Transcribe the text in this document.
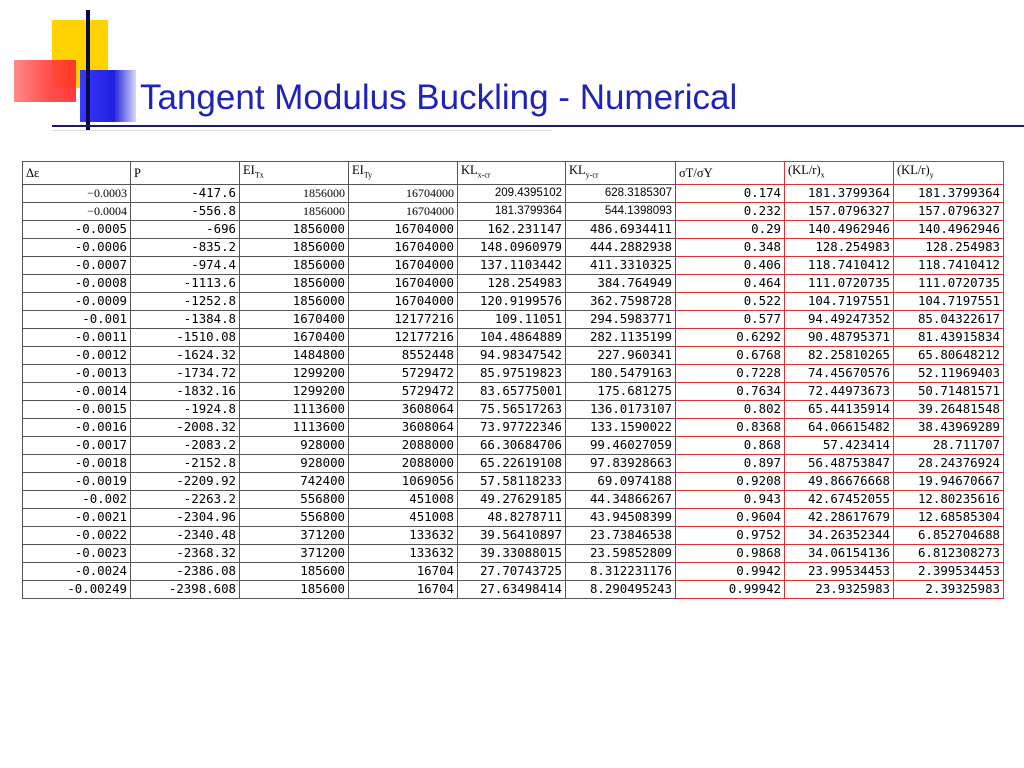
Tangent Modulus Buckling - Numerical
Δε	P	$EI_{Tx}$	$EI_{Ty}$	$KL_{x-cr}$	$KL_{y-cr}$	σT/σY	$(KL/r)_x$	$(KL/r)_y$
−0.0003	-417.6	1856000	16704000	209.4395102	628.3185307	0.174	181.3799364	181.3799364
−0.0004	-556.8	1856000	16704000	181.3799364	544.1398093	0.232	157.0796327	157.0796327
-0.0005	-696	1856000	16704000	162.231147	486.6934411	0.29	140.4962946	140.4962946
-0.0006	-835.2	1856000	16704000	148.0960979	444.2882938	0.348	128.254983	128.254983
-0.0007	-974.4	1856000	16704000	137.1103442	411.3310325	0.406	118.7410412	118.7410412
-0.0008	-1113.6	1856000	16704000	128.254983	384.764949	0.464	111.0720735	111.0720735
-0.0009	-1252.8	1856000	16704000	120.9199576	362.7598728	0.522	104.7197551	104.7197551
-0.001	-1384.8	1670400	12177216	109.11051	294.5983771	0.577	94.49247352	85.04322617
-0.0011	-1510.08	1670400	12177216	104.4864889	282.1135199	0.6292	90.48795371	81.43915834
-0.0012	-1624.32	1484800	8552448	94.98347542	227.960341	0.6768	82.25810265	65.80648212
-0.0013	-1734.72	1299200	5729472	85.97519823	180.5479163	0.7228	74.45670576	52.11969403
-0.0014	-1832.16	1299200	5729472	83.65775001	175.681275	0.7634	72.44973673	50.71481571
-0.0015	-1924.8	1113600	3608064	75.56517263	136.0173107	0.802	65.44135914	39.26481548
-0.0016	-2008.32	1113600	3608064	73.97722346	133.1590022	0.8368	64.06615482	38.43969289
-0.0017	-2083.2	928000	2088000	66.30684706	99.46027059	0.868	57.423414	28.711707
-0.0018	-2152.8	928000	2088000	65.22619108	97.83928663	0.897	56.48753847	28.24376924
-0.0019	-2209.92	742400	1069056	57.58118233	69.0974188	0.9208	49.86676668	19.94670667
-0.002	-2263.2	556800	451008	49.27629185	44.34866267	0.943	42.67452055	12.80235616
-0.0021	-2304.96	556800	451008	48.8278711	43.94508399	0.9604	42.28617679	12.68585304
-0.0022	-2340.48	371200	133632	39.56410897	23.73846538	0.9752	34.26352344	6.852704688
-0.0023	-2368.32	371200	133632	39.33088015	23.59852809	0.9868	34.06154136	6.812308273
-0.0024	-2386.08	185600	16704	27.70743725	8.312231176	0.9942	23.99534453	2.399534453
-0.00249	-2398.608	185600	16704	27.63498414	8.290495243	0.99942	23.9325983	2.39325983
